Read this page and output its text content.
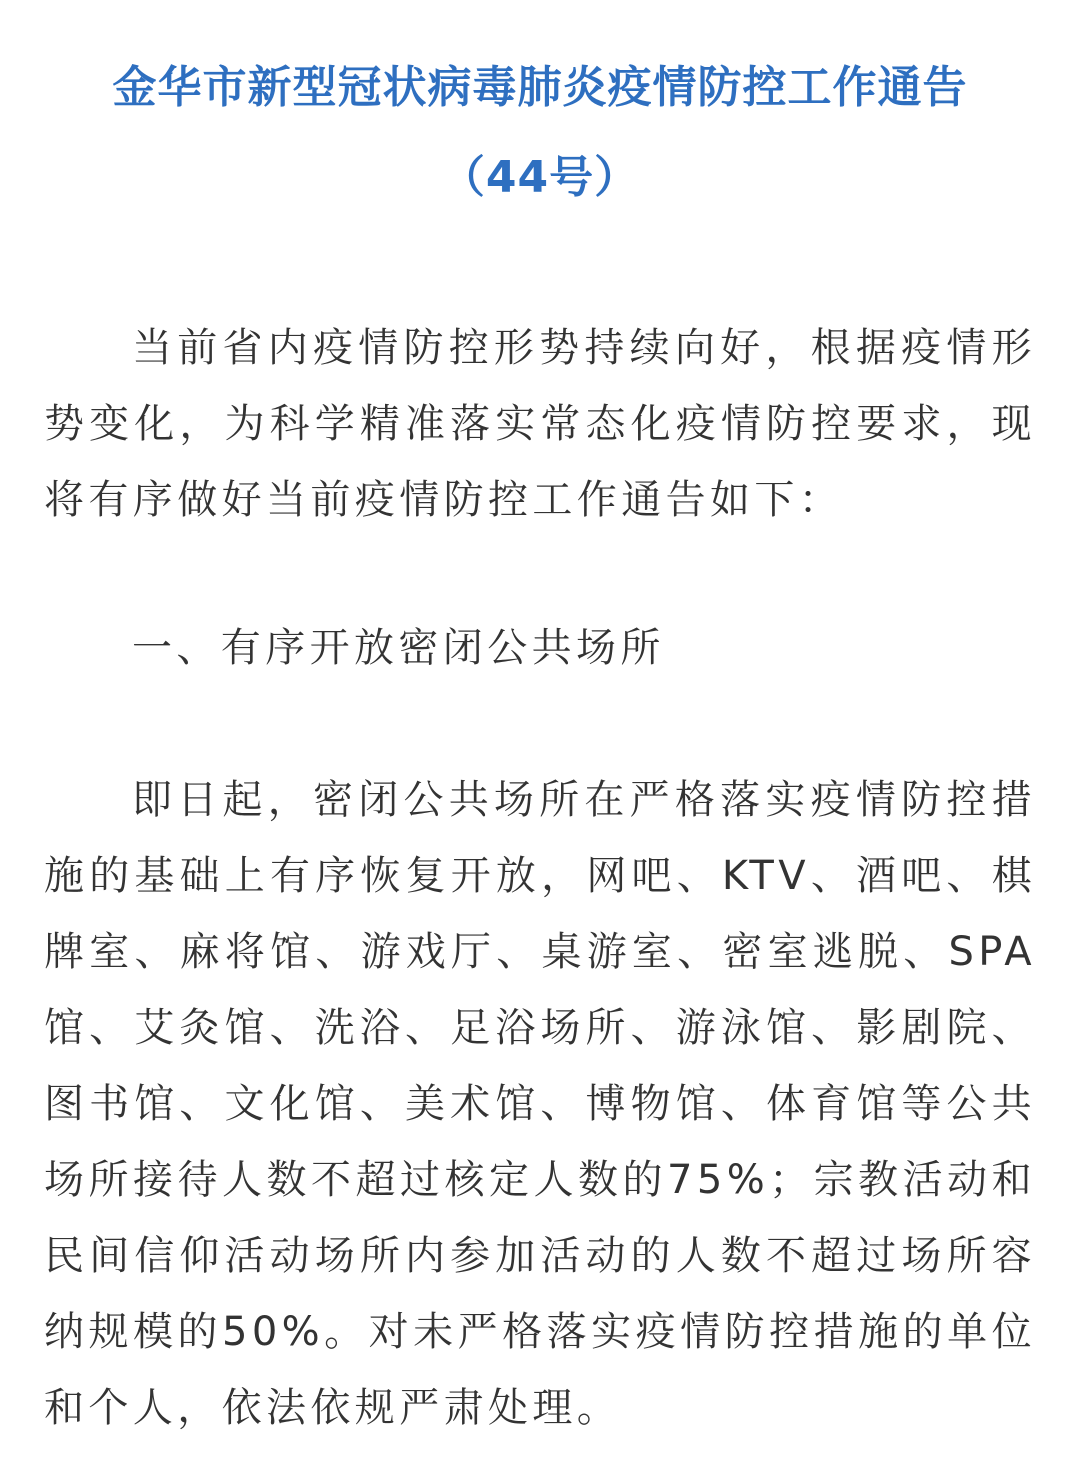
金华市新型冠状病毒肺炎疫情防控工作通告
（44号）

当前省内疫情防控形势持续向好，根据疫情形势变化，为科学精准落实常态化疫情防控要求，现将有序做好当前疫情防控工作通告如下：

一、有序开放密闭公共场所

即日起，密闭公共场所在严格落实疫情防控措施的基础上有序恢复开放，网吧、KTV、酒吧、棋牌室、麻将馆、游戏厅、桌游室、密室逃脱、SPA馆、艾灸馆、洗浴、足浴场所、游泳馆、影剧院、图书馆、文化馆、美术馆、博物馆、体育馆等公共场所接待人数不超过核定人数的75%；宗教活动和民间信仰活动场所内参加活动的人数不超过场所容纳规模的50%。对未严格落实疫情防控措施的单位和个人，依法依规严肃处理。
